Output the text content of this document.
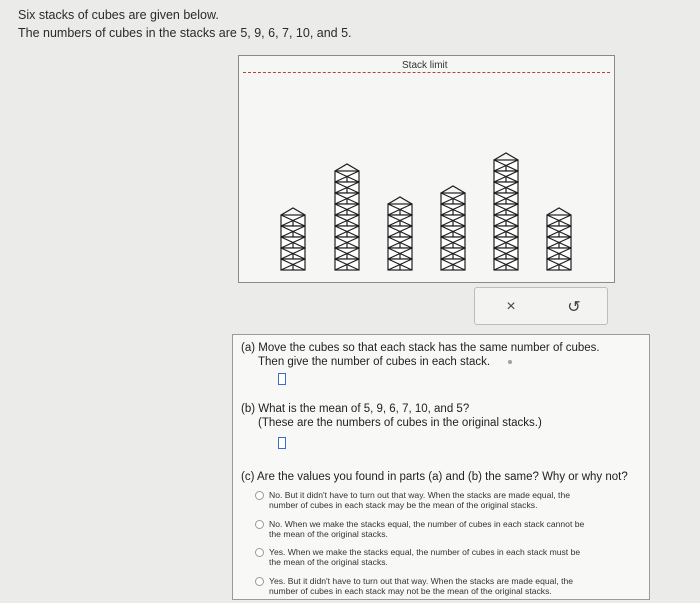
Six stacks of cubes are given below.
The numbers of cubes in the stacks are 5, 9, 6, 7, 10, and 5.
Stack limit
×	↺
(a) Move the cubes so that each stack has the same number of cubes.
Then give the number of cubes in each stack.
(b) What is the mean of 5, 9, 6, 7, 10, and 5?
(These are the numbers of cubes in the original stacks.)
(c) Are the values you found in parts (a) and (b) the same? Why or why not?
No. But it didn't have to turn out that way. When the stacks are made equal, the
number of cubes in each stack may be the mean of the original stacks.
No. When we make the stacks equal, the number of cubes in each stack cannot be
the mean of the original stacks.
Yes. When we make the stacks equal, the number of cubes in each stack must be
the mean of the original stacks.
Yes. But it didn't have to turn out that way. When the stacks are made equal, the
number of cubes in each stack may not be the mean of the original stacks.
